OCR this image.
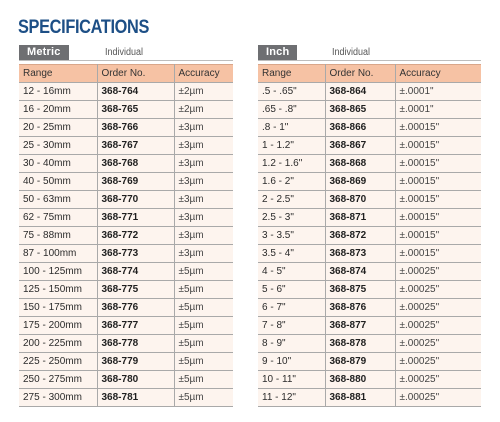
SPECIFICATIONS
Metric	Individual
Range	Order No.	Accuracy
12 - 16mm	368-764	±2µm
16 - 20mm	368-765	±2µm
20 - 25mm	368-766	±3µm
25 - 30mm	368-767	±3µm
30 - 40mm	368-768	±3µm
40 - 50mm	368-769	±3µm
50 - 63mm	368-770	±3µm
62 - 75mm	368-771	±3µm
75 - 88mm	368-772	±3µm
87 - 100mm	368-773	±3µm
100 - 125mm	368-774	±5µm
125 - 150mm	368-775	±5µm
150 - 175mm	368-776	±5µm
175 - 200mm	368-777	±5µm
200 - 225mm	368-778	±5µm
225 - 250mm	368-779	±5µm
250 - 275mm	368-780	±5µm
275 - 300mm	368-781	±5µm
Inch	Individual
Range	Order No.	Accuracy
.5 - .65"	368-864	±.0001"
.65 - .8"	368-865	±.0001"
.8 - 1"	368-866	±.00015"
1 - 1.2"	368-867	±.00015"
1.2 - 1.6"	368-868	±.00015"
1.6 - 2"	368-869	±.00015"
2 - 2.5"	368-870	±.00015"
2.5 - 3"	368-871	±.00015"
3 - 3.5"	368-872	±.00015"
3.5 - 4"	368-873	±.00015"
4 - 5"	368-874	±.00025"
5 - 6"	368-875	±.00025"
6 - 7"	368-876	±.00025"
7 - 8"	368-877	±.00025"
8 - 9"	368-878	±.00025"
9 - 10"	368-879	±.00025"
10 - 11"	368-880	±.00025"
11 - 12"	368-881	±.00025"
